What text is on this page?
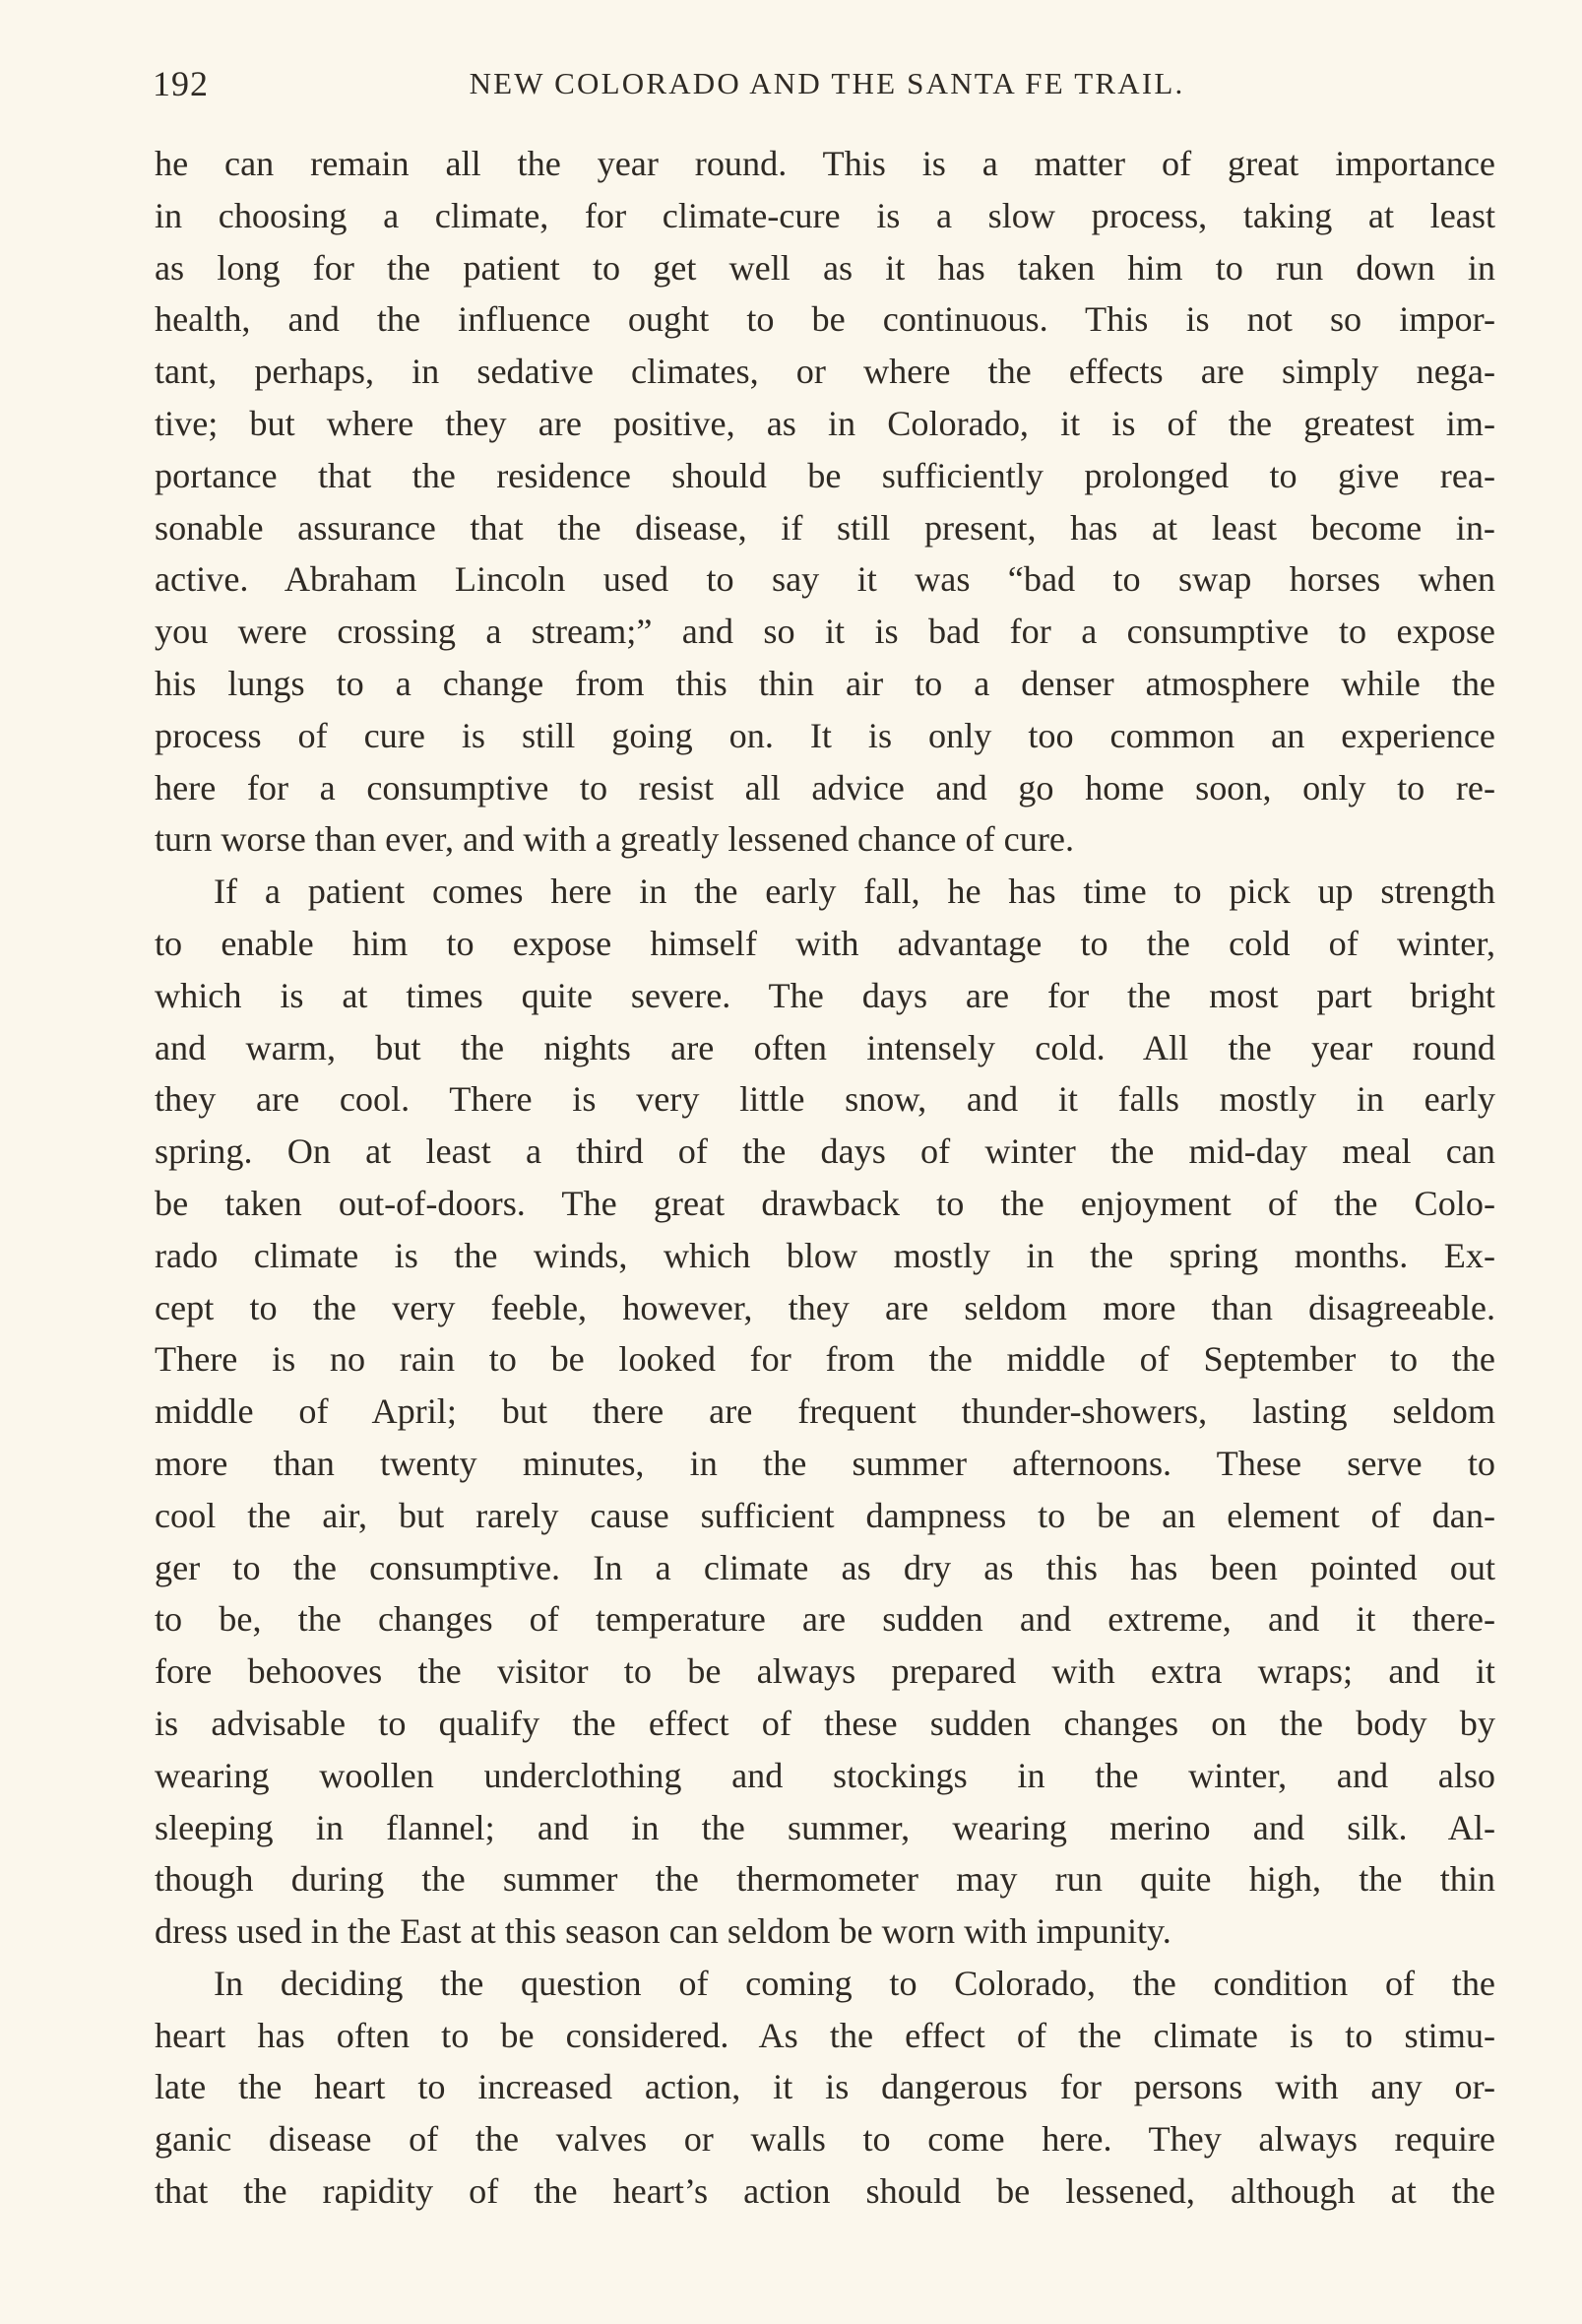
192	NEW COLORADO AND THE SANTA FE TRAIL.
he can remain all the year round. This is a matter of great importance
in choosing a climate, for climate-cure is a slow process, taking at least
as long for the patient to get well as it has taken him to run down in
health, and the influence ought to be continuous. This is not so impor-
tant, perhaps, in sedative climates, or where the effects are simply nega-
tive; but where they are positive, as in Colorado, it is of the greatest im-
portance that the residence should be sufficiently prolonged to give rea-
sonable assurance that the disease, if still present, has at least become in-
active. Abraham Lincoln used to say it was “bad to swap horses when
you were crossing a stream;” and so it is bad for a consumptive to expose
his lungs to a change from this thin air to a denser atmosphere while the
process of cure is still going on. It is only too common an experience
here for a consumptive to resist all advice and go home soon, only to re-
turn worse than ever, and with a greatly lessened chance of cure.
If a patient comes here in the early fall, he has time to pick up strength
to enable him to expose himself with advantage to the cold of winter,
which is at times quite severe. The days are for the most part bright
and warm, but the nights are often intensely cold. All the year round
they are cool. There is very little snow, and it falls mostly in early
spring. On at least a third of the days of winter the mid-day meal can
be taken out-of-doors. The great drawback to the enjoyment of the Colo-
rado climate is the winds, which blow mostly in the spring months. Ex-
cept to the very feeble, however, they are seldom more than disagreeable.
There is no rain to be looked for from the middle of September to the
middle of April; but there are frequent thunder-showers, lasting seldom
more than twenty minutes, in the summer afternoons. These serve to
cool the air, but rarely cause sufficient dampness to be an element of dan-
ger to the consumptive. In a climate as dry as this has been pointed out
to be, the changes of temperature are sudden and extreme, and it there-
fore behooves the visitor to be always prepared with extra wraps; and it
is advisable to qualify the effect of these sudden changes on the body by
wearing woollen underclothing and stockings in the winter, and also
sleeping in flannel; and in the summer, wearing merino and silk. Al-
though during the summer the thermometer may run quite high, the thin
dress used in the East at this season can seldom be worn with impunity.
In deciding the question of coming to Colorado, the condition of the
heart has often to be considered. As the effect of the climate is to stimu-
late the heart to increased action, it is dangerous for persons with any or-
ganic disease of the valves or walls to come here. They always require
that the rapidity of the heart’s action should be lessened, although at the
